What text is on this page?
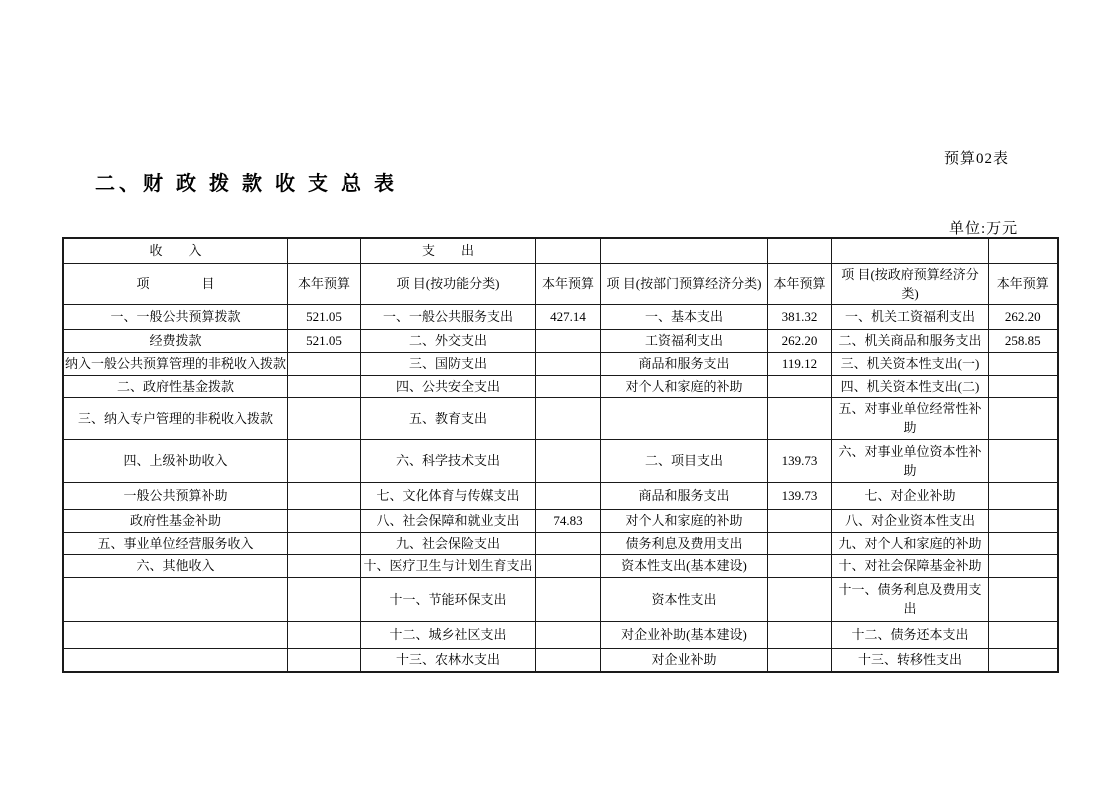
预算02表
二、财 政 拨 款 收 支 总 表
单位:万元
收　　入		支　　出					
项　　　　目	本年预算	项 目(按功能分类)	本年预算	项 目(按部门预算经济分类)	本年预算	项 目(按政府预算经济分类)	本年预算
一、一般公共预算拨款	521.05	一、一般公共服务支出	427.14	一、基本支出	381.32	一、机关工资福利支出	262.20
经费拨款	521.05	二、外交支出		工资福利支出	262.20	二、机关商品和服务支出	258.85
纳入一般公共预算管理的非税收入拨款		三、国防支出		商品和服务支出	119.12	三、机关资本性支出(一)	
二、政府性基金拨款		四、公共安全支出		对个人和家庭的补助		四、机关资本性支出(二)	
三、纳入专户管理的非税收入拨款		五、教育支出				五、对事业单位经常性补助	
四、上级补助收入		六、科学技术支出		二、项目支出	139.73	六、对事业单位资本性补助	
一般公共预算补助		七、文化体育与传媒支出		商品和服务支出	139.73	七、对企业补助	
政府性基金补助		八、社会保障和就业支出	74.83	对个人和家庭的补助		八、对企业资本性支出	
五、事业单位经营服务收入		九、社会保险支出		债务利息及费用支出		九、对个人和家庭的补助	
六、其他收入		十、医疗卫生与计划生育支出		资本性支出(基本建设)		十、对社会保障基金补助	
		十一、节能环保支出		资本性支出		十一、债务利息及费用支出	
		十二、城乡社区支出		对企业补助(基本建设)		十二、债务还本支出	
		十三、农林水支出		对企业补助		十三、转移性支出	
